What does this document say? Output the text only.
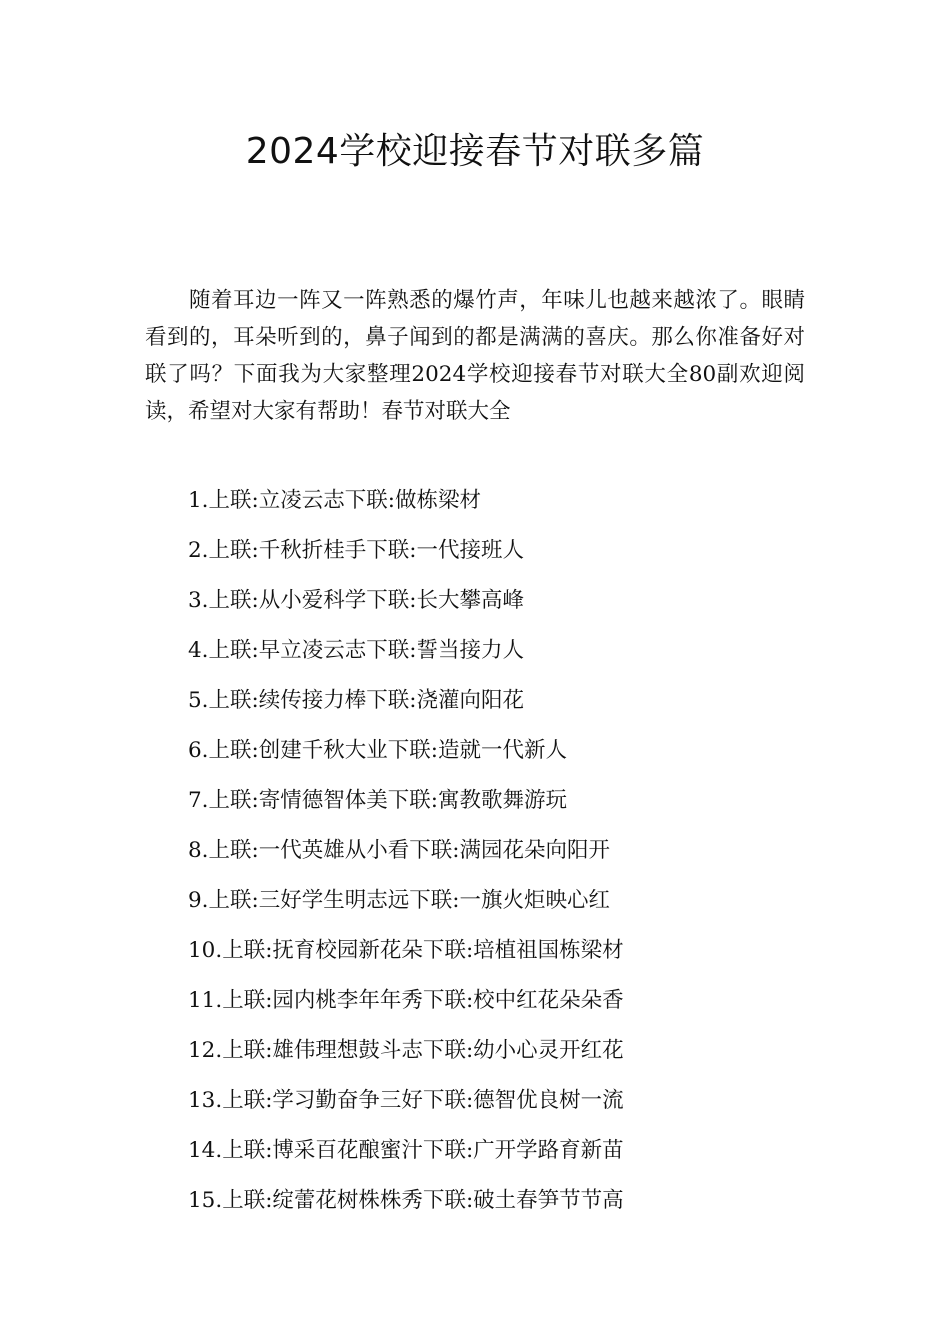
2024学校迎接春节对联多篇

随着耳边一阵又一阵熟悉的爆竹声，年味儿也越来越浓了。眼睛看到的，耳朵听到的，鼻子闻到的都是满满的喜庆。那么你准备好对联了吗？下面我为大家整理2024学校迎接春节对联大全80副欢迎阅读，希望对大家有帮助！春节对联大全

1.上联:立凌云志下联:做栋梁材
2.上联:千秋折桂手下联:一代接班人
3.上联:从小爱科学下联:长大攀高峰
4.上联:早立凌云志下联:誓当接力人
5.上联:续传接力棒下联:浇灌向阳花
6.上联:创建千秋大业下联:造就一代新人
7.上联:寄情德智体美下联:寓教歌舞游玩
8.上联:一代英雄从小看下联:满园花朵向阳开
9.上联:三好学生明志远下联:一旗火炬映心红
10.上联:抚育校园新花朵下联:培植祖国栋梁材
11.上联:园内桃李年年秀下联:校中红花朵朵香
12.上联:雄伟理想鼓斗志下联:幼小心灵开红花
13.上联:学习勤奋争三好下联:德智优良树一流
14.上联:博采百花酿蜜汁下联:广开学路育新苗
15.上联:绽蕾花树株株秀下联:破土春笋节节高
